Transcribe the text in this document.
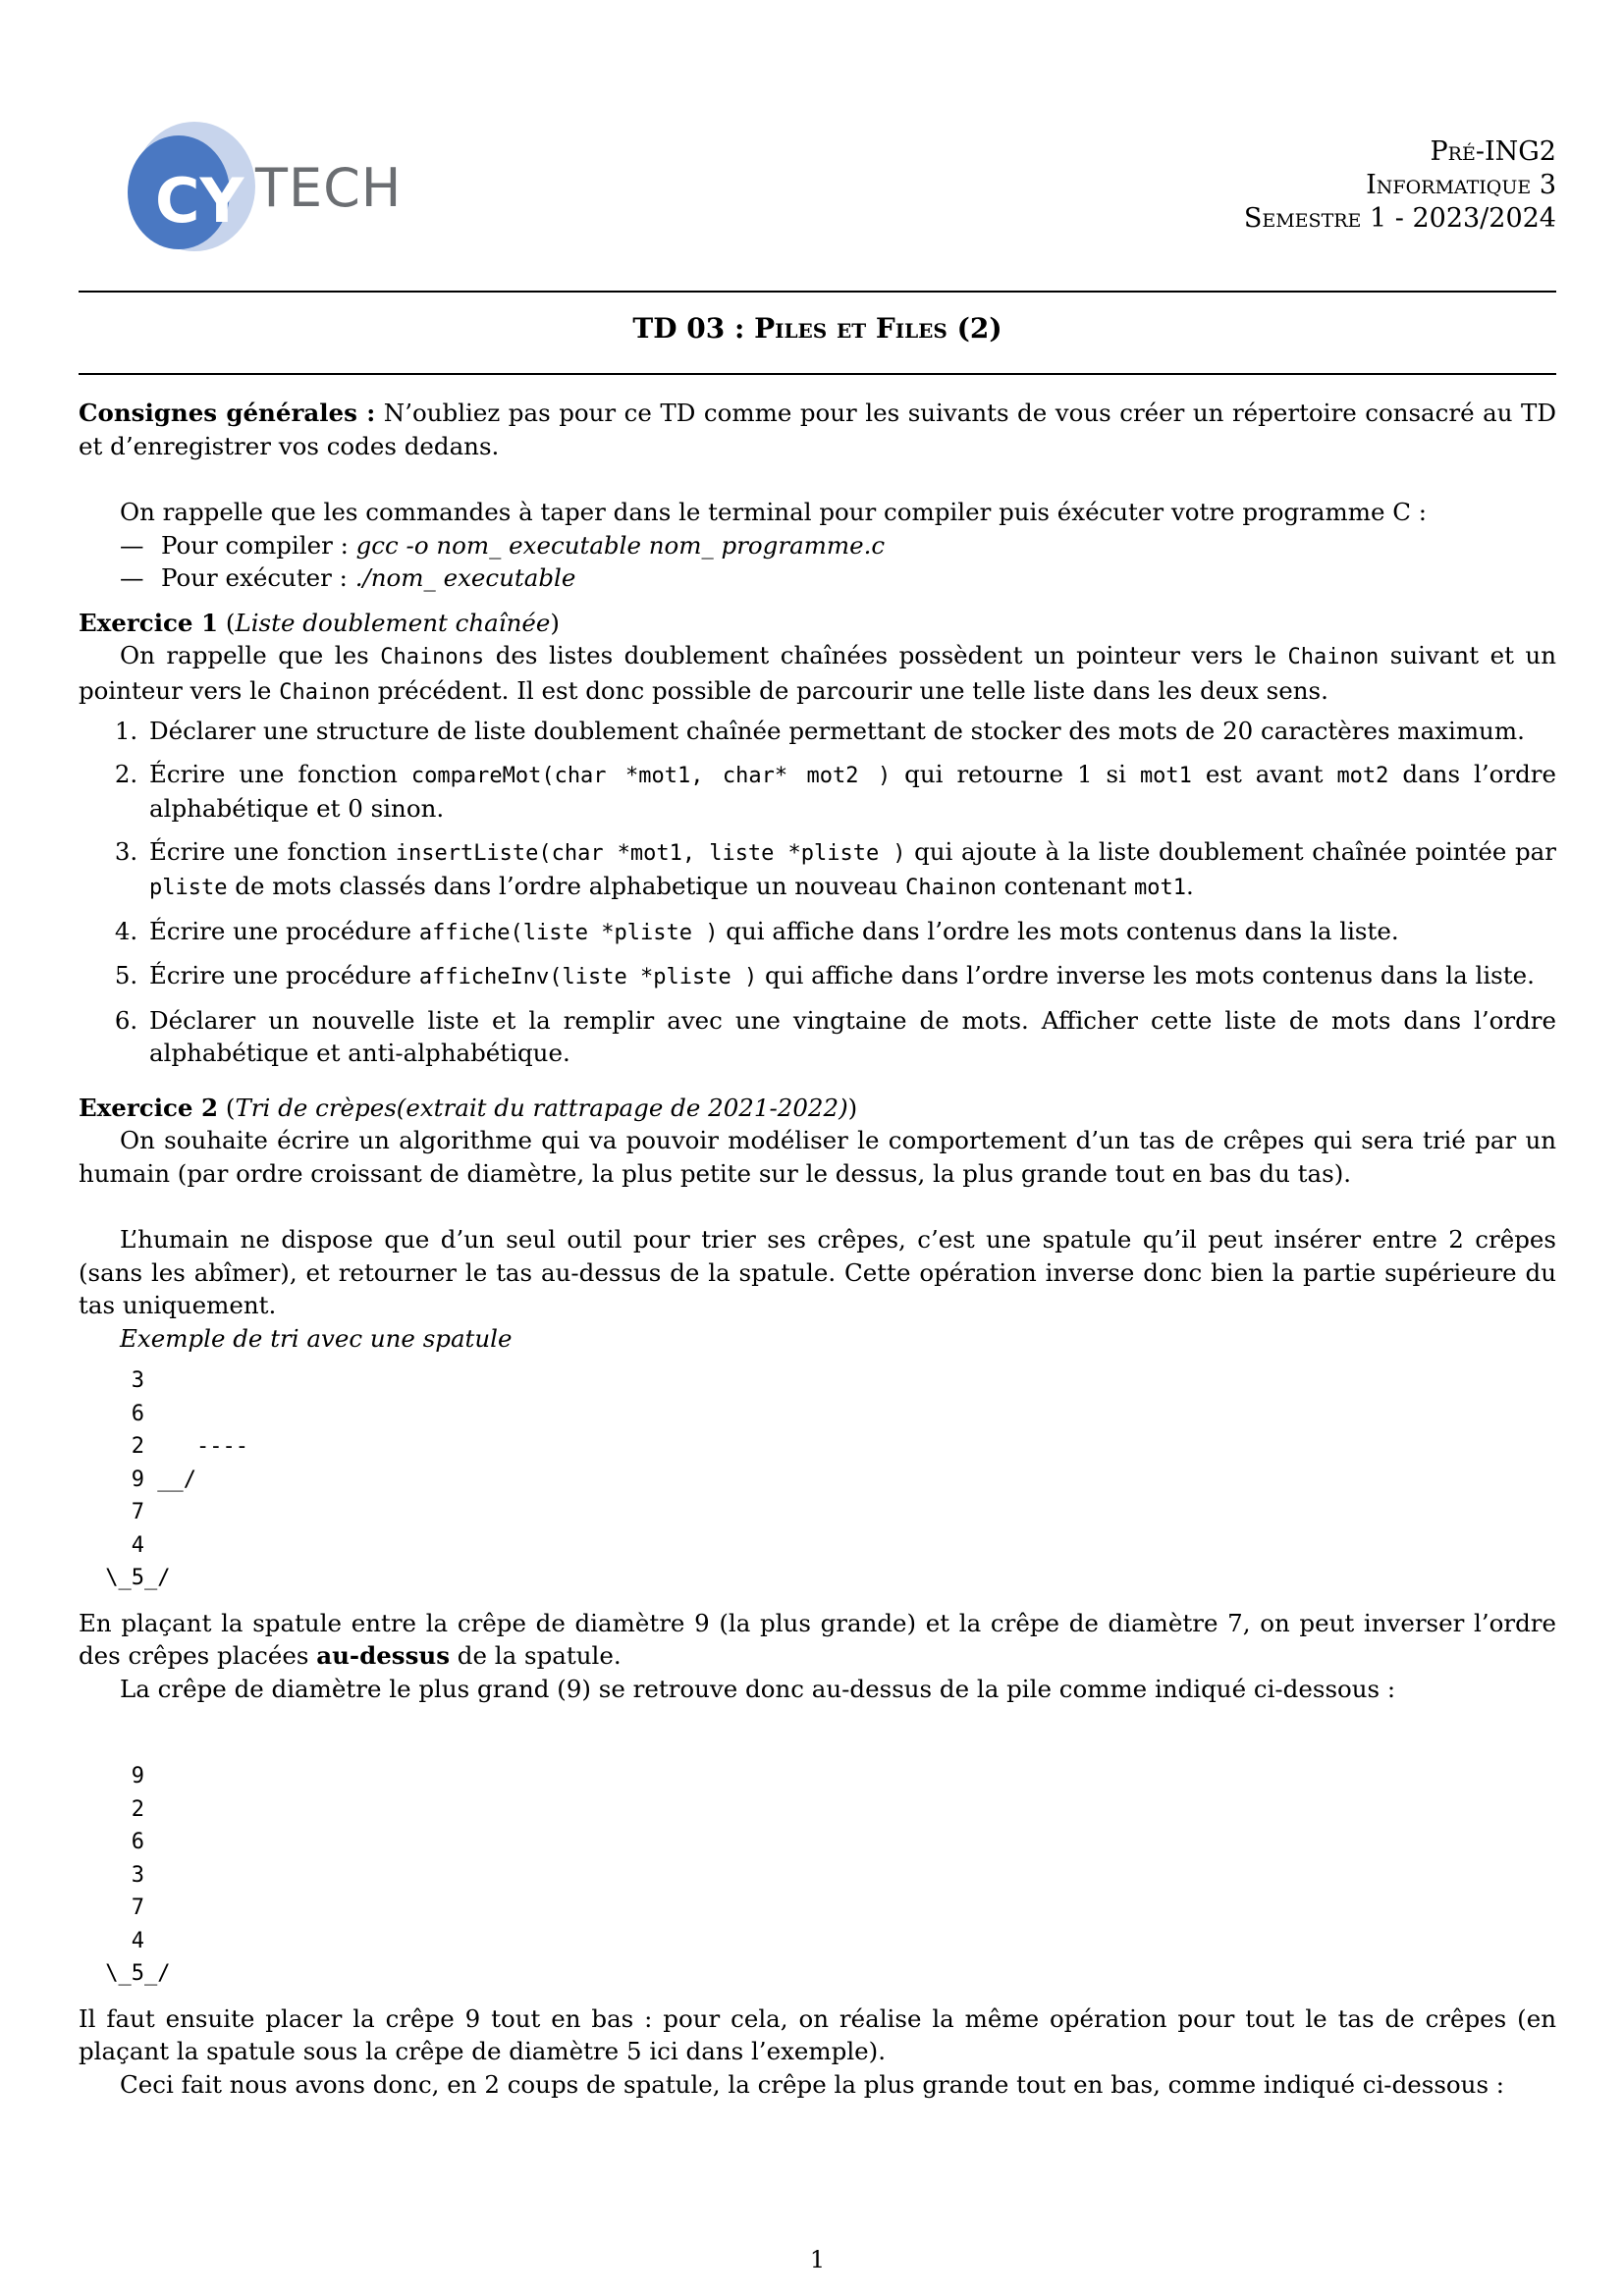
CY TECH
Pré-ING2
Informatique 3
Semestre 1 - 2023/2024
TD 03 : Piles et Files (2)

Consignes générales : N’oubliez pas pour ce TD comme pour les suivants de vous créer un répertoire consacré au TD et d’enregistrer vos codes dedans.

On rappelle que les commandes à taper dans le terminal pour compiler puis éxécuter votre programme C :

— Pour compiler : gcc -o nom_ executable nom_ programme.c
— Pour exécuter : ./nom_ executable

Exercice 1 (Liste doublement chaînée)

On rappelle que les Chainons des listes doublement chaînées possèdent un pointeur vers le Chainon suivant et un pointeur vers le Chainon précédent. Il est donc possible de parcourir une telle liste dans les deux sens.

1. Déclarer une structure de liste doublement chaînée permettant de stocker des mots de 20 caractères maximum.
2. Écrire une fonction compareMot(char *mot1, char* mot2 ) qui retourne 1 si mot1 est avant mot2 dans l’ordre alphabétique et 0 sinon.
3. Écrire une fonction insertListe(char *mot1, liste *pliste ) qui ajoute à la liste doublement chaînée pointée par pliste de mots classés dans l’ordre alphabetique un nouveau Chainon contenant mot1.
4. Écrire une procédure affiche(liste *pliste ) qui affiche dans l’ordre les mots contenus dans la liste.
5. Écrire une procédure afficheInv(liste *pliste ) qui affiche dans l’ordre inverse les mots contenus dans la liste.
6. Déclarer un nouvelle liste et la remplir avec une vingtaine de mots. Afficher cette liste de mots dans l’ordre alphabétique et anti-alphabétique.

Exercice 2 (Tri de crèpes(extrait du rattrapage de 2021-2022))

On souhaite écrire un algorithme qui va pouvoir modéliser le comportement d’un tas de crêpes qui sera trié par un humain (par ordre croissant de diamètre, la plus petite sur le dessus, la plus grande tout en bas du tas).

L’humain ne dispose que d’un seul outil pour trier ses crêpes, c’est une spatule qu’il peut insérer entre 2 crêpes (sans les abîmer), et retourner le tas au-dessus de la spatule. Cette opération inverse donc bien la partie supérieure du tas uniquement.

Exemple de tri avec une spatule

3
6
2    ----
9 __/
7
4
\_5_/

En plaçant la spatule entre la crêpe de diamètre 9 (la plus grande) et la crêpe de diamètre 7, on peut inverser l’ordre des crêpes placées au-dessus de la spatule.

La crêpe de diamètre le plus grand (9) se retrouve donc au-dessus de la pile comme indiqué ci-dessous :

9
2
6
3
7
4
\_5_/

Il faut ensuite placer la crêpe 9 tout en bas : pour cela, on réalise la même opération pour tout le tas de crêpes (en plaçant la spatule sous la crêpe de diamètre 5 ici dans l’exemple).

Ceci fait nous avons donc, en 2 coups de spatule, la crêpe la plus grande tout en bas, comme indiqué ci-dessous :

1
